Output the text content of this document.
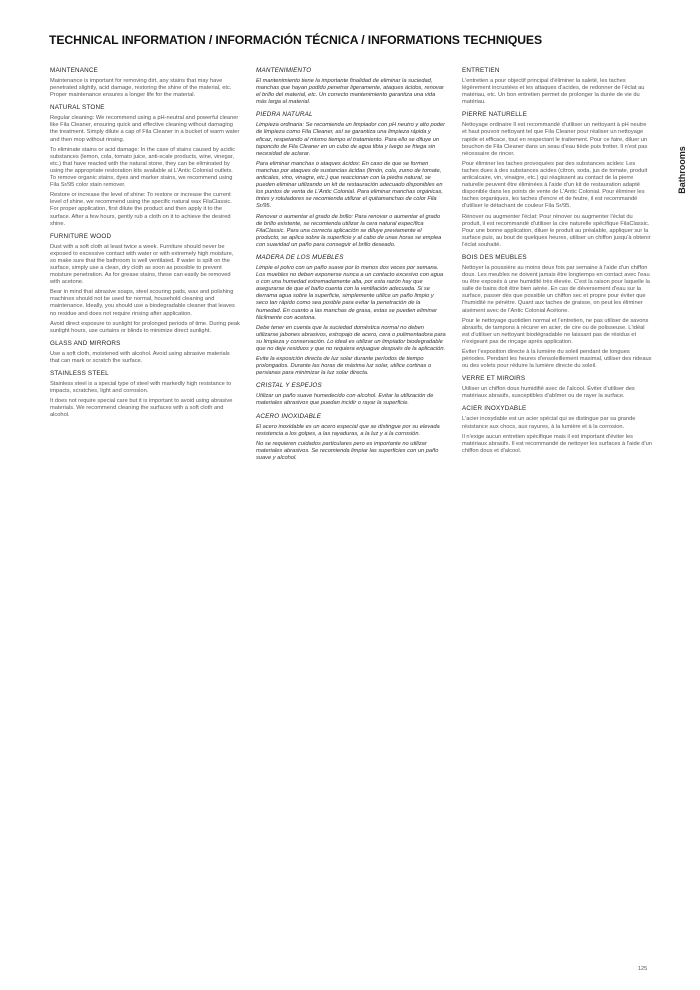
TECHNICAL INFORMATION / INFORMACIÓN TÉCNICA / INFORMATIONS TECHNIQUES
Bathrooms
MAINTENANCE

Maintenance is important for removing dirt, any stains that may have penetrated slightly, acid damage, restoring the shine of the material, etc. Proper maintenance ensures a longer life for the material.

NATURAL STONE

Regular cleaning: We recommend using a pH-neutral and powerful cleaner like Fila Cleaner, ensuring quick and effective cleaning without damaging the treatment. Simply dilute a cap of Fila Cleaner in a bucket of warm water and then mop without rinsing.

To eliminate stains or acid damage: In the case of stains caused by acidic substances (lemon, cola, tomato juice, anti-scale products, wine, vinegar, etc.) that have reacted with the natural stone, they can be eliminated by using the appropriate restoration kits available at L'Antic Colonial outlets. To remove organic stains, dyes and marker stains, we recommend using Fila Sr/95 color stain remover.

Restore or increase the level of shine: To restore or increase the current level of shine, we recommend using the specific natural wax FilaClassic. For proper application, first dilute the product and then apply it to the surface. After a few hours, gently rub a cloth on it to achieve the desired shine.

FURNITURE WOOD

Dust with a soft cloth at least twice a week. Furniture should never be exposed to excessive contact with water or with extremely high moisture, so make sure that the bathroom is well ventilated. If water is spilt on the surface, simply use a clean, dry cloth as soon as possible to prevent moisture penetration. As for grease stains, these can easily be removed with acetone.

Bear in mind that abrasive soaps, steel scouring pads, wax and polishing machines should not be used for normal, household cleaning and maintenance. Ideally, you should use a biodegradable cleaner that leaves no residue and does not require rinsing after application.

Avoid direct exposure to sunlight for prolonged periods of time. During peak sunlight hours, use curtains or blinds to minimize direct sunlight.

GLASS AND MIRRORS

Use a soft cloth, moistened with alcohol. Avoid using abrasive materials that can mark or scratch the surface.

STAINLESS STEEL

Stainless steel is a special type of steel with markedly high resistance to impacts, scratches, light and corrosion.

It does not require special care but it is important to avoid using abrasive materials. We recommend cleaning the surfaces with a soft cloth and alcohol.

MANTENIMIENTO

El mantenimiento tiene la importante finalidad de eliminar la suciedad, manchas que hayan podido penetrar ligeramente, ataques ácidos, renovar el brillo del material, etc. Un correcto mantenimiento garantiza una vida más larga al material.

PIEDRA NATURAL

Limpieza ordinaria: Se recomienda un limpiador con pH neutro y alto poder de limpieza como Fila Cleaner, así se garantiza una limpieza rápida y eficaz, respetando al mismo tiempo el tratamiento. Para ello se diluye un taponcito de Fila Cleaner en un cubo de agua tibia y luego se friega sin necesidad de aclarar.

Para eliminar manchas o ataques ácidos: En caso de que se formen manchas por ataques de sustancias ácidas (limón, cola, zumo de tomate, anticales, vino, vinagre, etc.) que reaccionan con la piedra natural, se pueden eliminar utilizando un kit de restauración adecuado disponibles en los puntos de venta de L'Antic Colonial. Para eliminar manchas orgánicas, tintes y rotuladores se recomienda utilizar el quitamanchas de color Fila Sr/95.

Renovar o aumentar el grado de brillo: Para renovar o aumentar el grado de brillo existente, se recomienda utilizar la cera natural específica FilaClassic. Para una correcta aplicación se diluye previamente el producto, se aplica sobre la superficie y al cabo de unas horas se emplea con suavidad un paño para conseguir el brillo deseado.

MADERA DE LOS MUEBLES

Limpie el polvo con un paño suave por lo menos dos veces por semana. Los muebles no deben exponerse nunca a un contacto excesivo con agua o con una humedad extremadamente alta, por esta razón hay que asegurarse de que el baño cuenta con la ventilación adecuada. Si se derrama agua sobre la superficie, simplemente utilice un paño limpio y seco tan rápido como sea posible para evitar la penetración de la humedad. En cuanto a las manchas de grasa, estas se pueden eliminar fácilmente con acetona.

Debe tener en cuenta que la suciedad doméstica normal no deben utilizarse jabones abrasivos, estropajo de acero, cera o pulimentadora para su limpieza y conservación. Lo ideal es utilizar un limpiador biodegradable que no deje residuos y que no requiera enjuague después de la aplicación.

Evite la exposición directa de luz solar durante períodos de tiempo prolongados. Durante las horas de máxima luz solar, utilice cortinas o persianas para minimizar la luz solar directa.

CRISTAL Y ESPEJOS

Utilizar un paño suave humedecido con alcohol. Evitar la utilización de materiales abrasivos que puedan incidir o rayar la superficie.

ACERO INOXIDABLE

El acero inoxidable es un acero especial que se distingue por su elevada resistencia a los golpes, a las rayaduras, a la luz y a la corrosión.

No se requieren cuidados particulares pero es importante no utilizar materiales abrasivos. Se recomienda limpiar las superficies con un paño suave y alcohol.

ENTRETIEN

L'entretien a pour objectif principal d'éliminer la saleté, les taches légèrement incrustées et les attaques d'acides, de redonner de l'éclat au matériau, etc. Un bon entretien permet de prolonger la durée de vie du matériau.

PIERRE NATURELLE

Nettoyage ordinaire Il est recommandé d'utiliser un nettoyant à pH neutre et haut pouvoir nettoyant tel que Fila Cleaner pour réaliser un nettoyage rapide et efficace, tout en respectant le traitement. Pour ce faire, diluer un bouchon de Fila Cleaner dans un seau d'eau tiède puis frotter. Il n'est pas nécessaire de rincer.

Pour éliminer les taches provoquées par des substances acides: Les taches dues à des substances acides (citron, soda, jus de tomate, produit anticalcaire, vin, vinaigre, etc.) qui réagissent au contact de la pierre naturelle peuvent être éliminées à l'aide d'un kit de restauration adapté disponible dans les points de vente de L'Antic Colonial. Pour éliminer les taches organiques, les taches d'encre et de feutre, il est recommandé d'utiliser le détachant de couleur Fila Sr/95.

Rénover ou augmenter l'éclat: Pour rénover ou augmenter l'éclat du produit, il est recommandé d'utiliser la cire naturelle spécifique FilaClassic. Pour une bonne application, diluer le produit au préalable, appliquer sur la surface puis, au bout de quelques heures, utiliser un chiffon jusqu'à obtenir l'éclat souhaité.

BOIS DES MEUBLES

Nettoyer la poussière au moins deux fois par semaine à l'aide d'un chiffon doux. Les meubles ne doivent jamais être longtemps en contact avec l'eau ou être exposés à une humidité très élevée. C'est la raison pour laquelle la salle de bains doit être bien aérée. En cas de déversement d'eau sur la surface, passer dès que possible un chiffon sec et propre pour éviter que l'humidité ne pénètre. Quant aux taches de graisse, on peut les éliminer aisément avec de l'Antic Colonial Acétone.

Pour le nettoyage quotidien normal et l'entretien, ne pas utiliser de savons abrasifs, de tampons à récurer en acier, de cire ou de polisseuse. L'idéal est d'utiliser un nettoyant biodégradable ne laissant pas de résidus et n'exigeant pas de rinçage après application.

Éviter l'exposition directe à la lumière du soleil pendant de longues périodes. Pendant les heures d'ensoleillement maximal, utiliser des rideaux ou des volets pour réduire la lumière directe du soleil.

VERRE ET MIROIRS

Utiliser un chiffon doux humidifié avec de l'alcool. Éviter d'utiliser des matériaux abrasifs, susceptibles d'abîmer ou de rayer la surface.

ACIER INOXYDABLE

L'acier inoxydable est un acier spécial qui se distingue par sa grande résistance aux chocs, aux rayures, à la lumière et à la corrosion.

Il n'exige aucun entretien spécifique mais il est important d'éviter les matériaux abrasifs. Il est recommandé de nettoyer les surfaces à l'aide d'un chiffon doux et d'alcool.

125
